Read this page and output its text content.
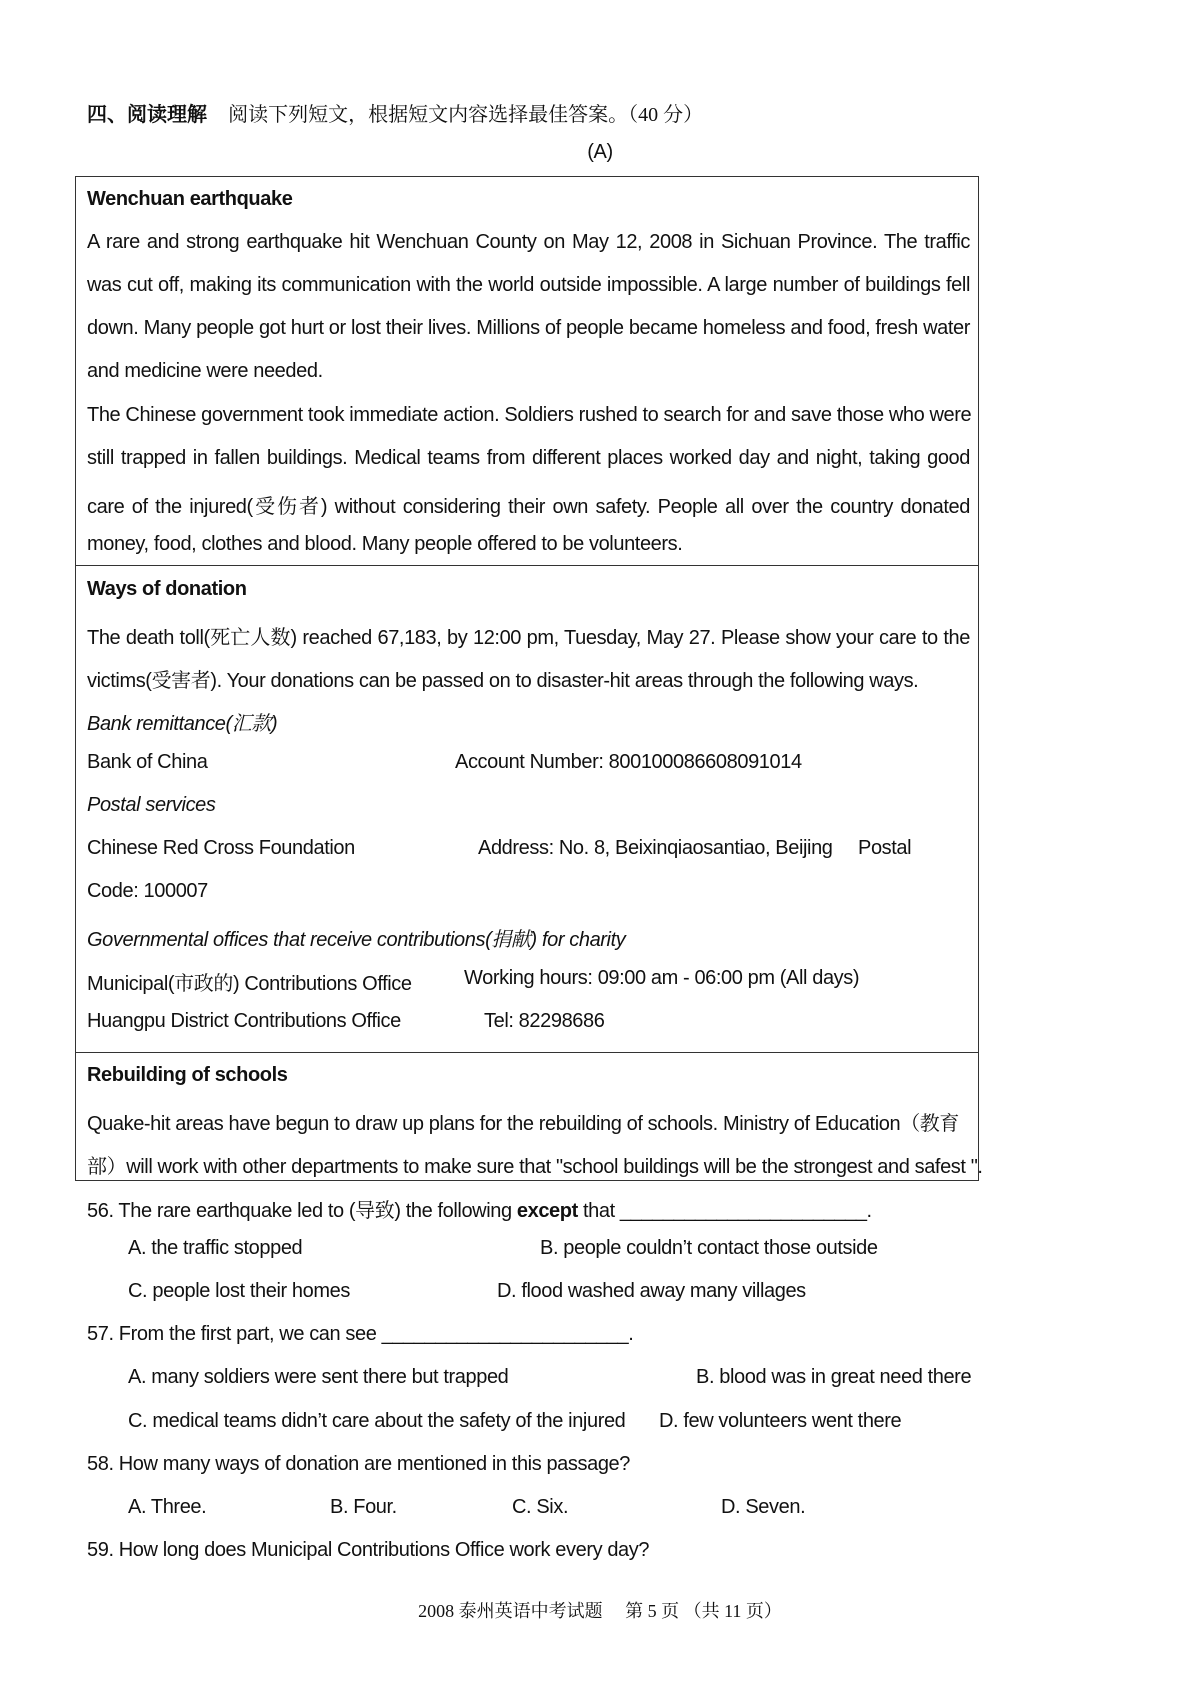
四、阅读理解 阅读下列短文，根据短文内容选择最佳答案。（40 分）
(A)
Wenchuan earthquake
A rare and strong earthquake hit Wenchuan County on May 12, 2008 in Sichuan Province. The traffic
was cut off, making its communication with the world outside impossible. A large number of buildings fell
down. Many people got hurt or lost their lives. Millions of people became homeless and food, fresh water
and medicine were needed.
The Chinese government took immediate action. Soldiers rushed to search for and save those who were
still trapped in fallen buildings. Medical teams from different places worked day and night, taking good
care of the injured(受伤者) without considering their own safety. People all over the country donated
money, food, clothes and blood. Many people offered to be volunteers.
Ways of donation
The death toll(死亡人数) reached 67,183, by 12:00 pm, Tuesday, May 27. Please show your care to the
victims(受害者). Your donations can be passed on to disaster-hit areas through the following ways.
Bank remittance(汇款)
Bank of China	Account Number: 800100086608091014
Postal services
Chinese Red Cross Foundation	Address: No. 8, Beixinqiaosantiao, Beijing Postal
Code: 100007
Governmental offices that receive contributions(捐献) for charity
Municipal(市政的) Contributions Office	Working hours: 09:00 am - 06:00 pm (All days)
Huangpu District Contributions Office	Tel: 82298686
Rebuilding of schools
Quake-hit areas have begun to draw up plans for the rebuilding of schools. Ministry of Education（教育
部）will work with other departments to make sure that "school buildings will be the strongest and safest ".
56. The rare earthquake led to (导致) the following except that _______________________.
A. the traffic stopped	B. people couldn’t contact those outside
C. people lost their homes	D. flood washed away many villages
57. From the first part, we can see _______________________.
A. many soldiers were sent there but trapped	B. blood was in great need there
C. medical teams didn’t care about the safety of the injured D. few volunteers went there
58. How many ways of donation are mentioned in this passage?
A. Three.	B. Four.	C. Six.	D. Seven.
59. How long does Municipal Contributions Office work every day?
2008 泰州英语中考试题　 第 5 页 （共 11 页）
